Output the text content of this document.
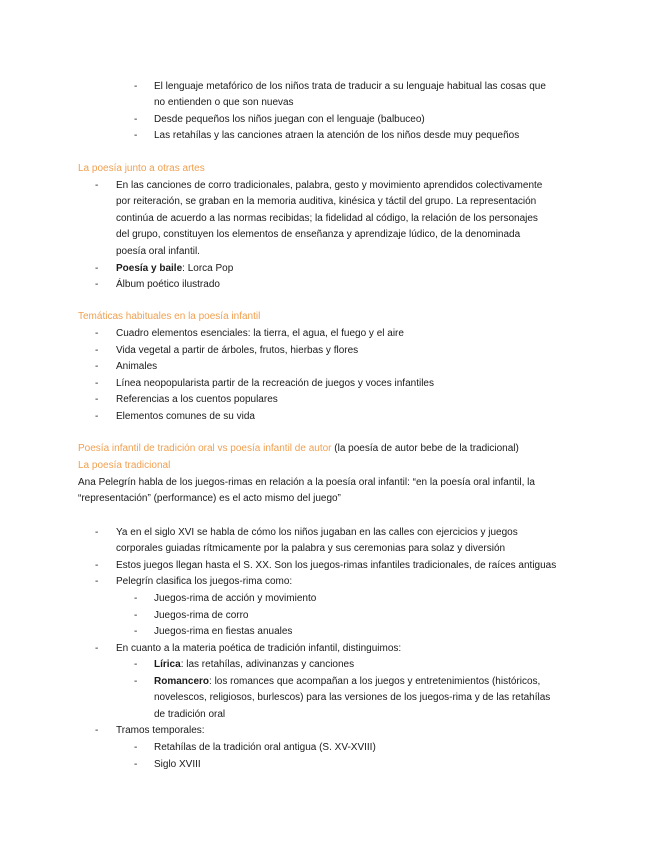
- El lenguaje metafórico de los niños trata de traducir a su lenguaje habitual las cosas que
no entienden o que son nuevas
- Desde pequeños los niños juegan con el lenguaje (balbuceo)
- Las retahílas y las canciones atraen la atención de los niños desde muy pequeños
La poesía junto a otras artes
- En las canciones de corro tradicionales, palabra, gesto y movimiento aprendidos colectivamente
por reiteración, se graban en la memoria auditiva, kinésica y táctil del grupo. La representación
continúa de acuerdo a las normas recibidas; la fidelidad al código, la relación de los personajes
del grupo, constituyen los elementos de enseñanza y aprendizaje lúdico, de la denominada
poesía oral infantil.
- Poesía y baile: Lorca Pop
- Álbum poético ilustrado
Temáticas habituales en la poesía infantil
- Cuadro elementos esenciales: la tierra, el agua, el fuego y el aire
- Vida vegetal a partir de árboles, frutos, hierbas y flores
- Animales
- Línea neopopularista partir de la recreación de juegos y voces infantiles
- Referencias a los cuentos populares
- Elementos comunes de su vida
Poesía infantil de tradición oral vs poesía infantil de autor (la poesía de autor bebe de la tradicional)
La poesía tradicional
Ana Pelegrín habla de los juegos-rimas en relación a la poesía oral infantil: “en la poesía oral infantil, la
“representación” (performance) es el acto mismo del juego”
- Ya en el siglo XVI se habla de cómo los niños jugaban en las calles con ejercicios y juegos
corporales guiadas rítmicamente por la palabra y sus ceremonias para solaz y diversión
- Estos juegos llegan hasta el S. XX. Son los juegos-rimas infantiles tradicionales, de raíces antiguas
- Pelegrín clasifica los juegos-rima como:
- Juegos-rima de acción y movimiento
- Juegos-rima de corro
- Juegos-rima en fiestas anuales
- En cuanto a la materia poética de tradición infantil, distinguimos:
- Lírica: las retahílas, adivinanzas y canciones
- Romancero: los romances que acompañan a los juegos y entretenimientos (históricos,
novelescos, religiosos, burlescos) para las versiones de los juegos-rima y de las retahílas
de tradición oral
- Tramos temporales:
- Retahílas de la tradición oral antigua (S. XV-XVIII)
- Siglo XVIII
